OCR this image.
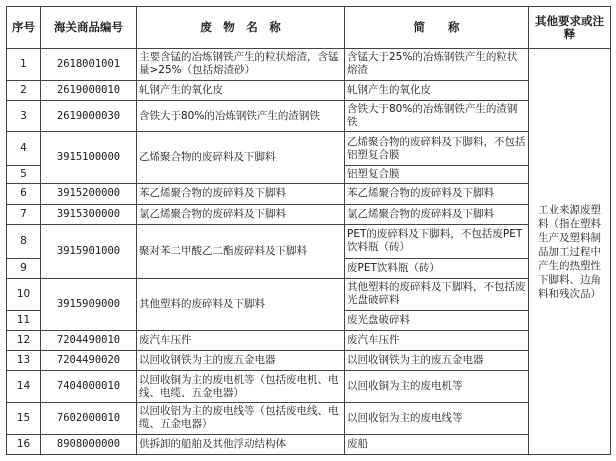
序号	海关商品编号	废　物　名　称	简　　称	其他要求或注释	
1	2618001001	主要含锰的冶炼钢铁产生的粒状熔渣，含锰量>25%（包括熔渣砂）	含锰大于25%的冶炼钢铁产生的粒状熔渣	工业来源废塑料（指在塑料生产及塑料制品加工过程中产生的热塑性下脚料、边角料和残次品）	
2	2619000010	轧钢产生的氧化皮	轧钢产生的氧化皮		
3	2619000030	含铁大于80%的冶炼钢铁产生的渣钢铁	含铁大于80%的冶炼钢铁产生的渣钢铁		
4	3915100000	乙烯聚合物的废碎料及下脚料	乙烯聚合物的废碎料及下脚料，不包括铝塑复合膜		
5			铝塑复合膜		
6	3915200000	苯乙烯聚合物的废碎料及下脚料	苯乙烯聚合物的废碎料及下脚料		
7	3915300000	氯乙烯聚合物的废碎料及下脚料	氯乙烯聚合物的废碎料及下脚料		
8	3915901000	聚对苯二甲酸乙二酯废碎料及下脚料	PET的废碎料及下脚料，不包括废PET饮料瓶（砖）		
9			废PET饮料瓶（砖）		
10	3915909000	其他塑料的废碎料及下脚料	其他塑料的废碎料及下脚料，不包括废光盘破碎料		
11			废光盘破碎料		
12	7204490010	废汽车压件	废汽车压件		
13	7204490020	以回收钢铁为主的废五金电器	以回收钢铁为主的废五金电器		
14	7404000010	以回收铜为主的废电机等（包括废电机、电线、电缆、五金电器）	以回收铜为主的废电机等		
15	7602000010	以回收铝为主的废电线等（包括废电线、电缆、五金电器）	以回收铝为主的废电线等		
16	8908000000	供拆卸的船舶及其他浮动结构体	废船		
